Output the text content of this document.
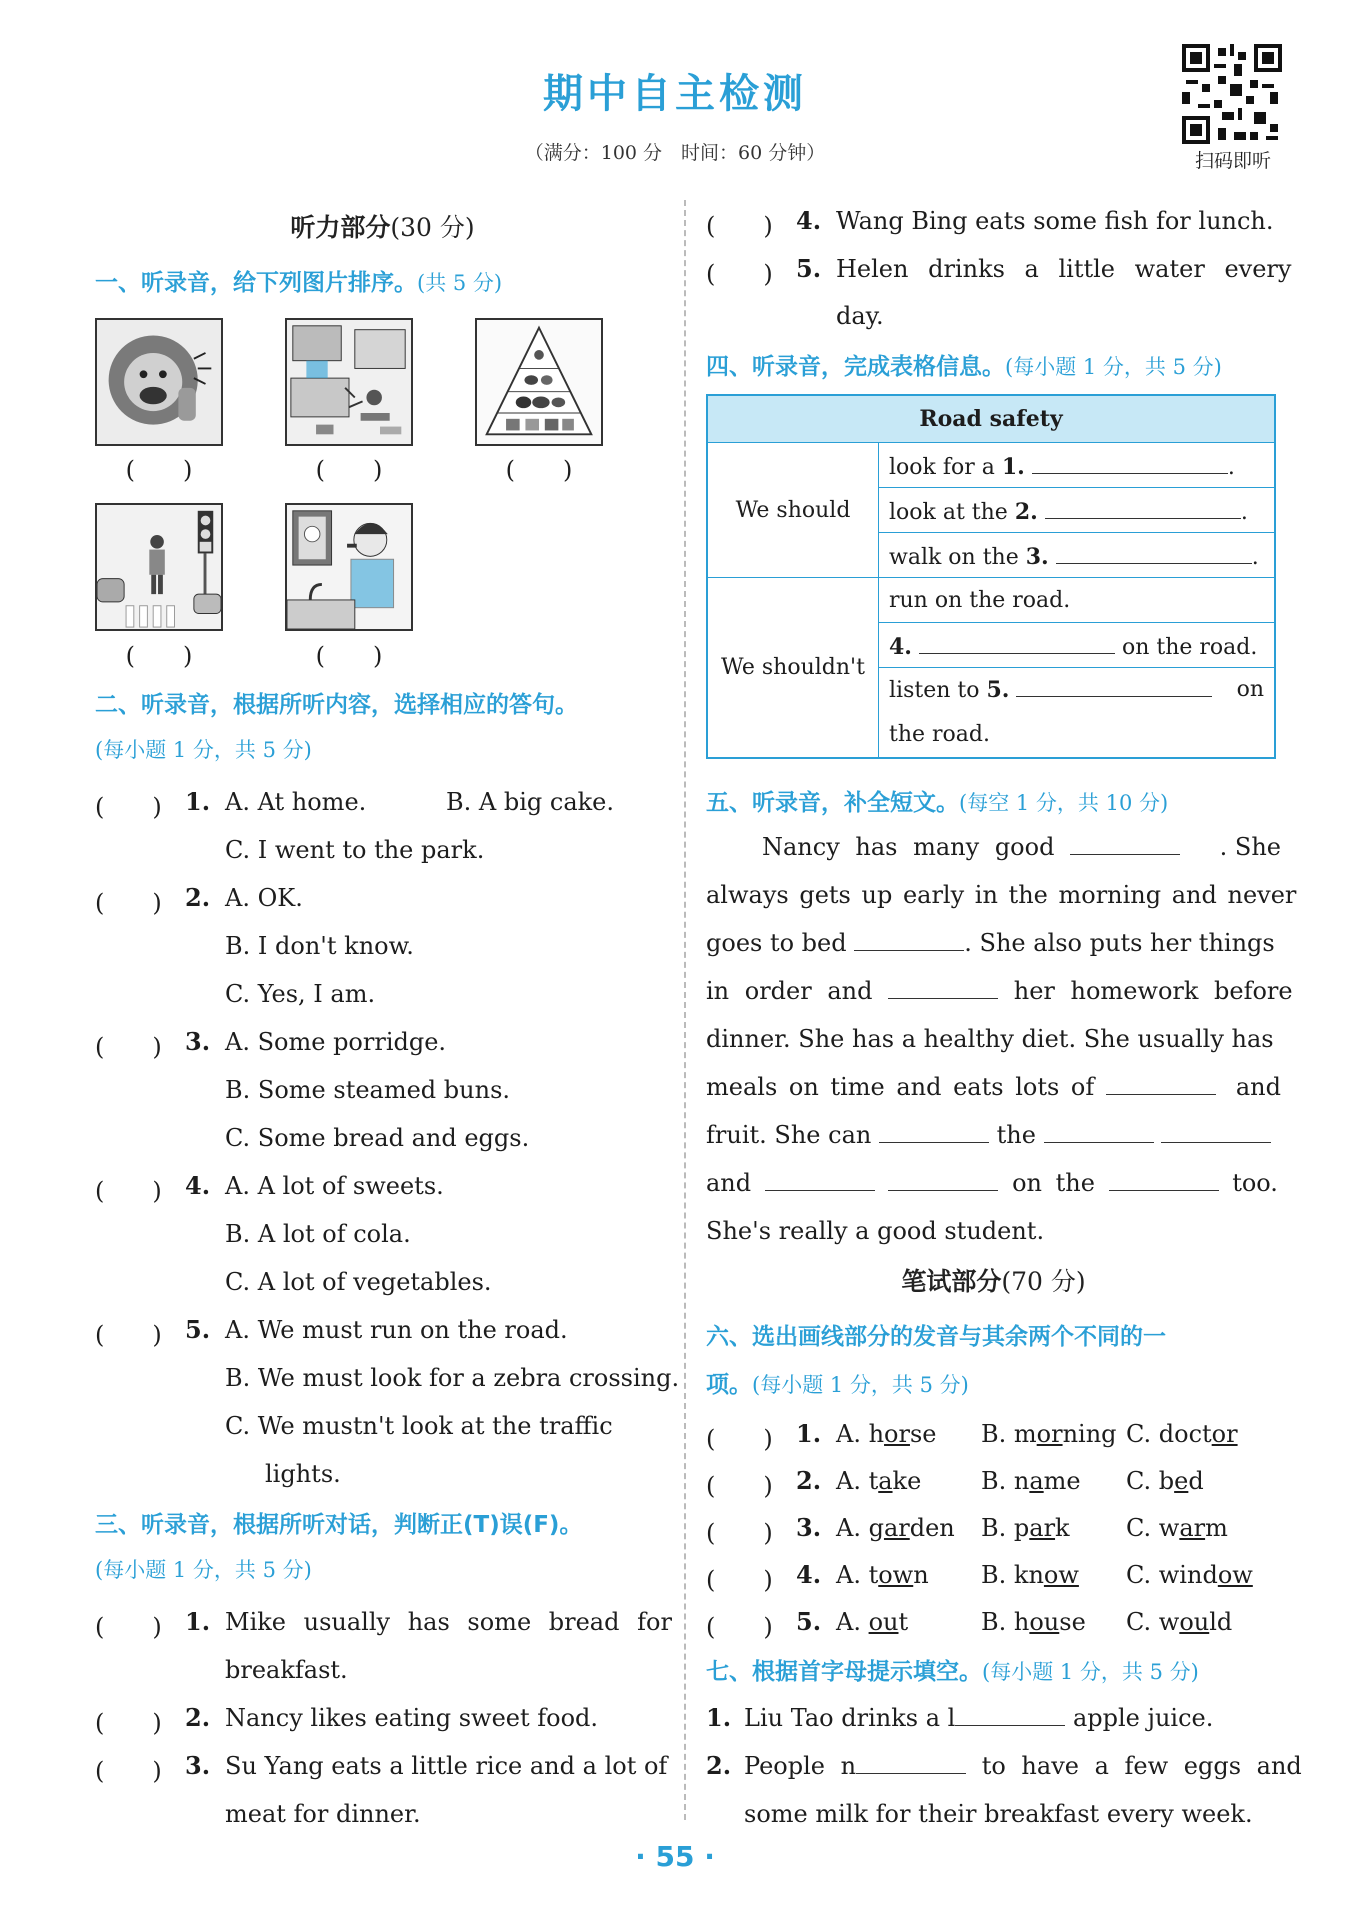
期中自主检测
（满分：100 分　时间：60 分钟）	扫码即听
听力部分(30 分)
一、听录音，给下列图片排序。(共 5 分)
(　　)	(　　)	(　　)
(　　)	(　　)
二、听录音，根据所听内容，选择相应的答句。
(每小题 1 分，共 5 分)
(　　) 1. A. At home.	B. A big cake.
C. I went to the park.
(　　) 2. A. OK.
B. I don't know.
C. Yes, I am.
(　　) 3. A. Some porridge.
B. Some steamed buns.
C. Some bread and eggs.
(　　) 4. A. A lot of sweets.
B. A lot of cola.
C. A lot of vegetables.
(　　) 5. A. We must run on the road.
B. We must look for a zebra crossing.
C. We mustn't look at the traffic
lights.
三、听录音，根据所听对话，判断正(T)误(F)。
(每小题 1 分，共 5 分)
(　　) 1. Mike usually has some bread for
breakfast.
(　　) 2. Nancy likes eating sweet food.
(　　) 3. Su Yang eats a little rice and a lot of
meat for dinner.
(　　) 4. Wang Bing eats some fish for lunch.
(　　) 5. Helen drinks a little water every
day.
四、听录音，完成表格信息。(每小题 1 分，共 5 分)
Road safety	
We should	look for a 1. .
	look at the 2. .
	walk on the 3. .
We shouldn't	run on the road.
	4. on the road.
	listen to 5. on

the road.
五、听录音，补全短文。(每空 1 分，共 10 分)
Nancy has many good	. She
always gets up early in the morning and never
goes to bed	. She also puts her things
in order and	her homework before
dinner. She has a healthy diet. She usually has
meals on time and eats lots of	and
fruit. She can	the
and	on the	too.
She's really a good student.
笔试部分(70 分)
六、选出画线部分的发音与其余两个不同的一
项。(每小题 1 分，共 5 分)
(　　) 1. A. horse B. morning C. doctor
(　　) 2. A. take B. name C. bed
(　　) 3. A. garden B. park C. warm
(　　) 4. A. town B. know C. window
(　　) 5. A. out	B. house C. would
七、根据首字母提示填空。(每小题 1 分，共 5 分)
1. Liu Tao drinks a l	apple juice.
2. People n	to have a few eggs and
some milk for their breakfast every week.
· 55 ·
